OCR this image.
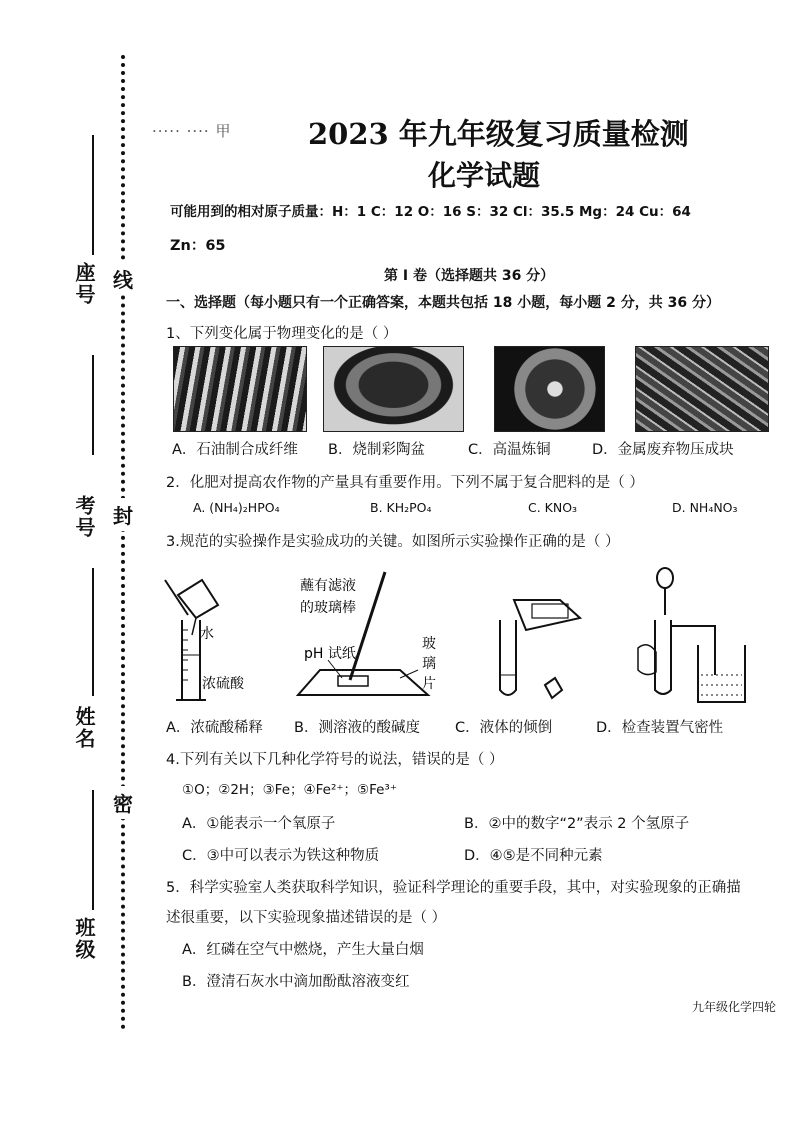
座号
考号
姓名
班级
线
封
密
····· ···· 甲	2023 年九年级复习质量检测
化学试题
可能用到的相对原子质量：H：1 C：12 O：16 S：32 Cl：35.5 Mg：24 Cu：64
Zn：65
第 I 卷（选择题共 36 分）
一、选择题（每小题只有一个正确答案，本题共包括 18 小题，每小题 2 分，共 36 分）
1、下列变化属于物理变化的是（ ）
A．石油制合成纤维 B．烧制彩陶盆	C．高温炼铜	D．金属废弃物压成块
2．化肥对提高农作物的产量具有重要作用。下列不属于复合肥料的是（ ）
A. (NH₄)₂HPO₄	B. KH₂PO₄	C. KNO₃	D. NH₄NO₃
3.规范的实验操作是实验成功的关键。如图所示实验操作正确的是（ ）
水
浓硫酸
蘸有滤液
的玻璃棒
pH 试纸
玻
璃
片
A．浓硫酸稀释 B．测溶液的酸碱度 C．液体的倾倒	D．检查装置气密性
4.下列有关以下几种化学符号的说法，错误的是（ ）
①O；②2H；③Fe；④Fe²⁺；⑤Fe³⁺
A．①能表示一个氧原子	B．②中的数字“2”表示 2 个氢原子
C．③中可以表示为铁这种物质	D．④⑤是不同种元素
5．科学实验室人类获取科学知识，验证科学理论的重要手段，其中，对实验现象的正确描
述很重要，以下实验现象描述错误的是（ ）
A．红磷在空气中燃烧，产生大量白烟
B．澄清石灰水中滴加酚酞溶液变红
九年级化学四轮
